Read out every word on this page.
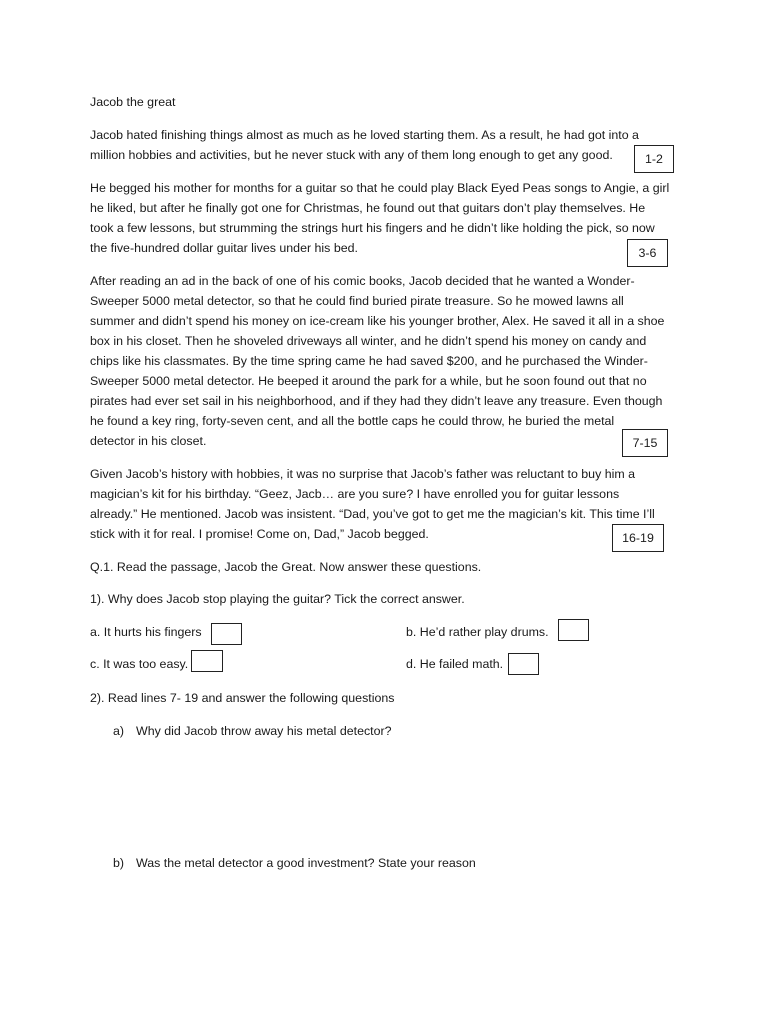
Jacob the great
Jacob hated finishing things almost as much as he loved starting them. As a result, he had got into a
million hobbies and activities, but he never stuck with any of them long enough to get any good.	1-2
He begged his mother for months for a guitar so that he could play Black Eyed Peas songs to Angie, a girl
he liked, but after he finally got one for Christmas, he found out that guitars don’t play themselves. He
took a few lessons, but strumming the strings hurt his fingers and he didn’t like holding the pick, so now
the five-hundred dollar guitar lives under his bed.	3-6
After reading an ad in the back of one of his comic books, Jacob decided that he wanted a Wonder-
Sweeper 5000 metal detector, so that he could find buried pirate treasure. So he mowed lawns all
summer and didn’t spend his money on ice-cream like his younger brother, Alex. He saved it all in a shoe
box in his closet. Then he shoveled driveways all winter, and he didn’t spend his money on candy and
chips like his classmates. By the time spring came he had saved $200, and he purchased the Winder-
Sweeper 5000 metal detector. He beeped it around the park for a while, but he soon found out that no
pirates had ever set sail in his neighborhood, and if they had they didn’t leave any treasure. Even though
he found a key ring, forty-seven cent, and all the bottle caps he could throw, he buried the metal
detector in his closet.	7-15
Given Jacob’s history with hobbies, it was no surprise that Jacob’s father was reluctant to buy him a
magician’s kit for his birthday. “Geez, Jacb… are you sure? I have enrolled you for guitar lessons
already.” He mentioned. Jacob was insistent. “Dad, you’ve got to get me the magician’s kit. This time I’ll
stick with it for real. I promise! Come on, Dad,” Jacob begged.	16-19
Q.1. Read the passage, Jacob the Great. Now answer these questions.
1). Why does Jacob stop playing the guitar? Tick the correct answer.
a. It hurts his fingers	b. He’d rather play drums.
c. It was too easy.	d. He failed math.
2). Read lines 7- 19 and answer the following questions
a) Why did Jacob throw away his metal detector?
b) Was the metal detector a good investment? State your reason
